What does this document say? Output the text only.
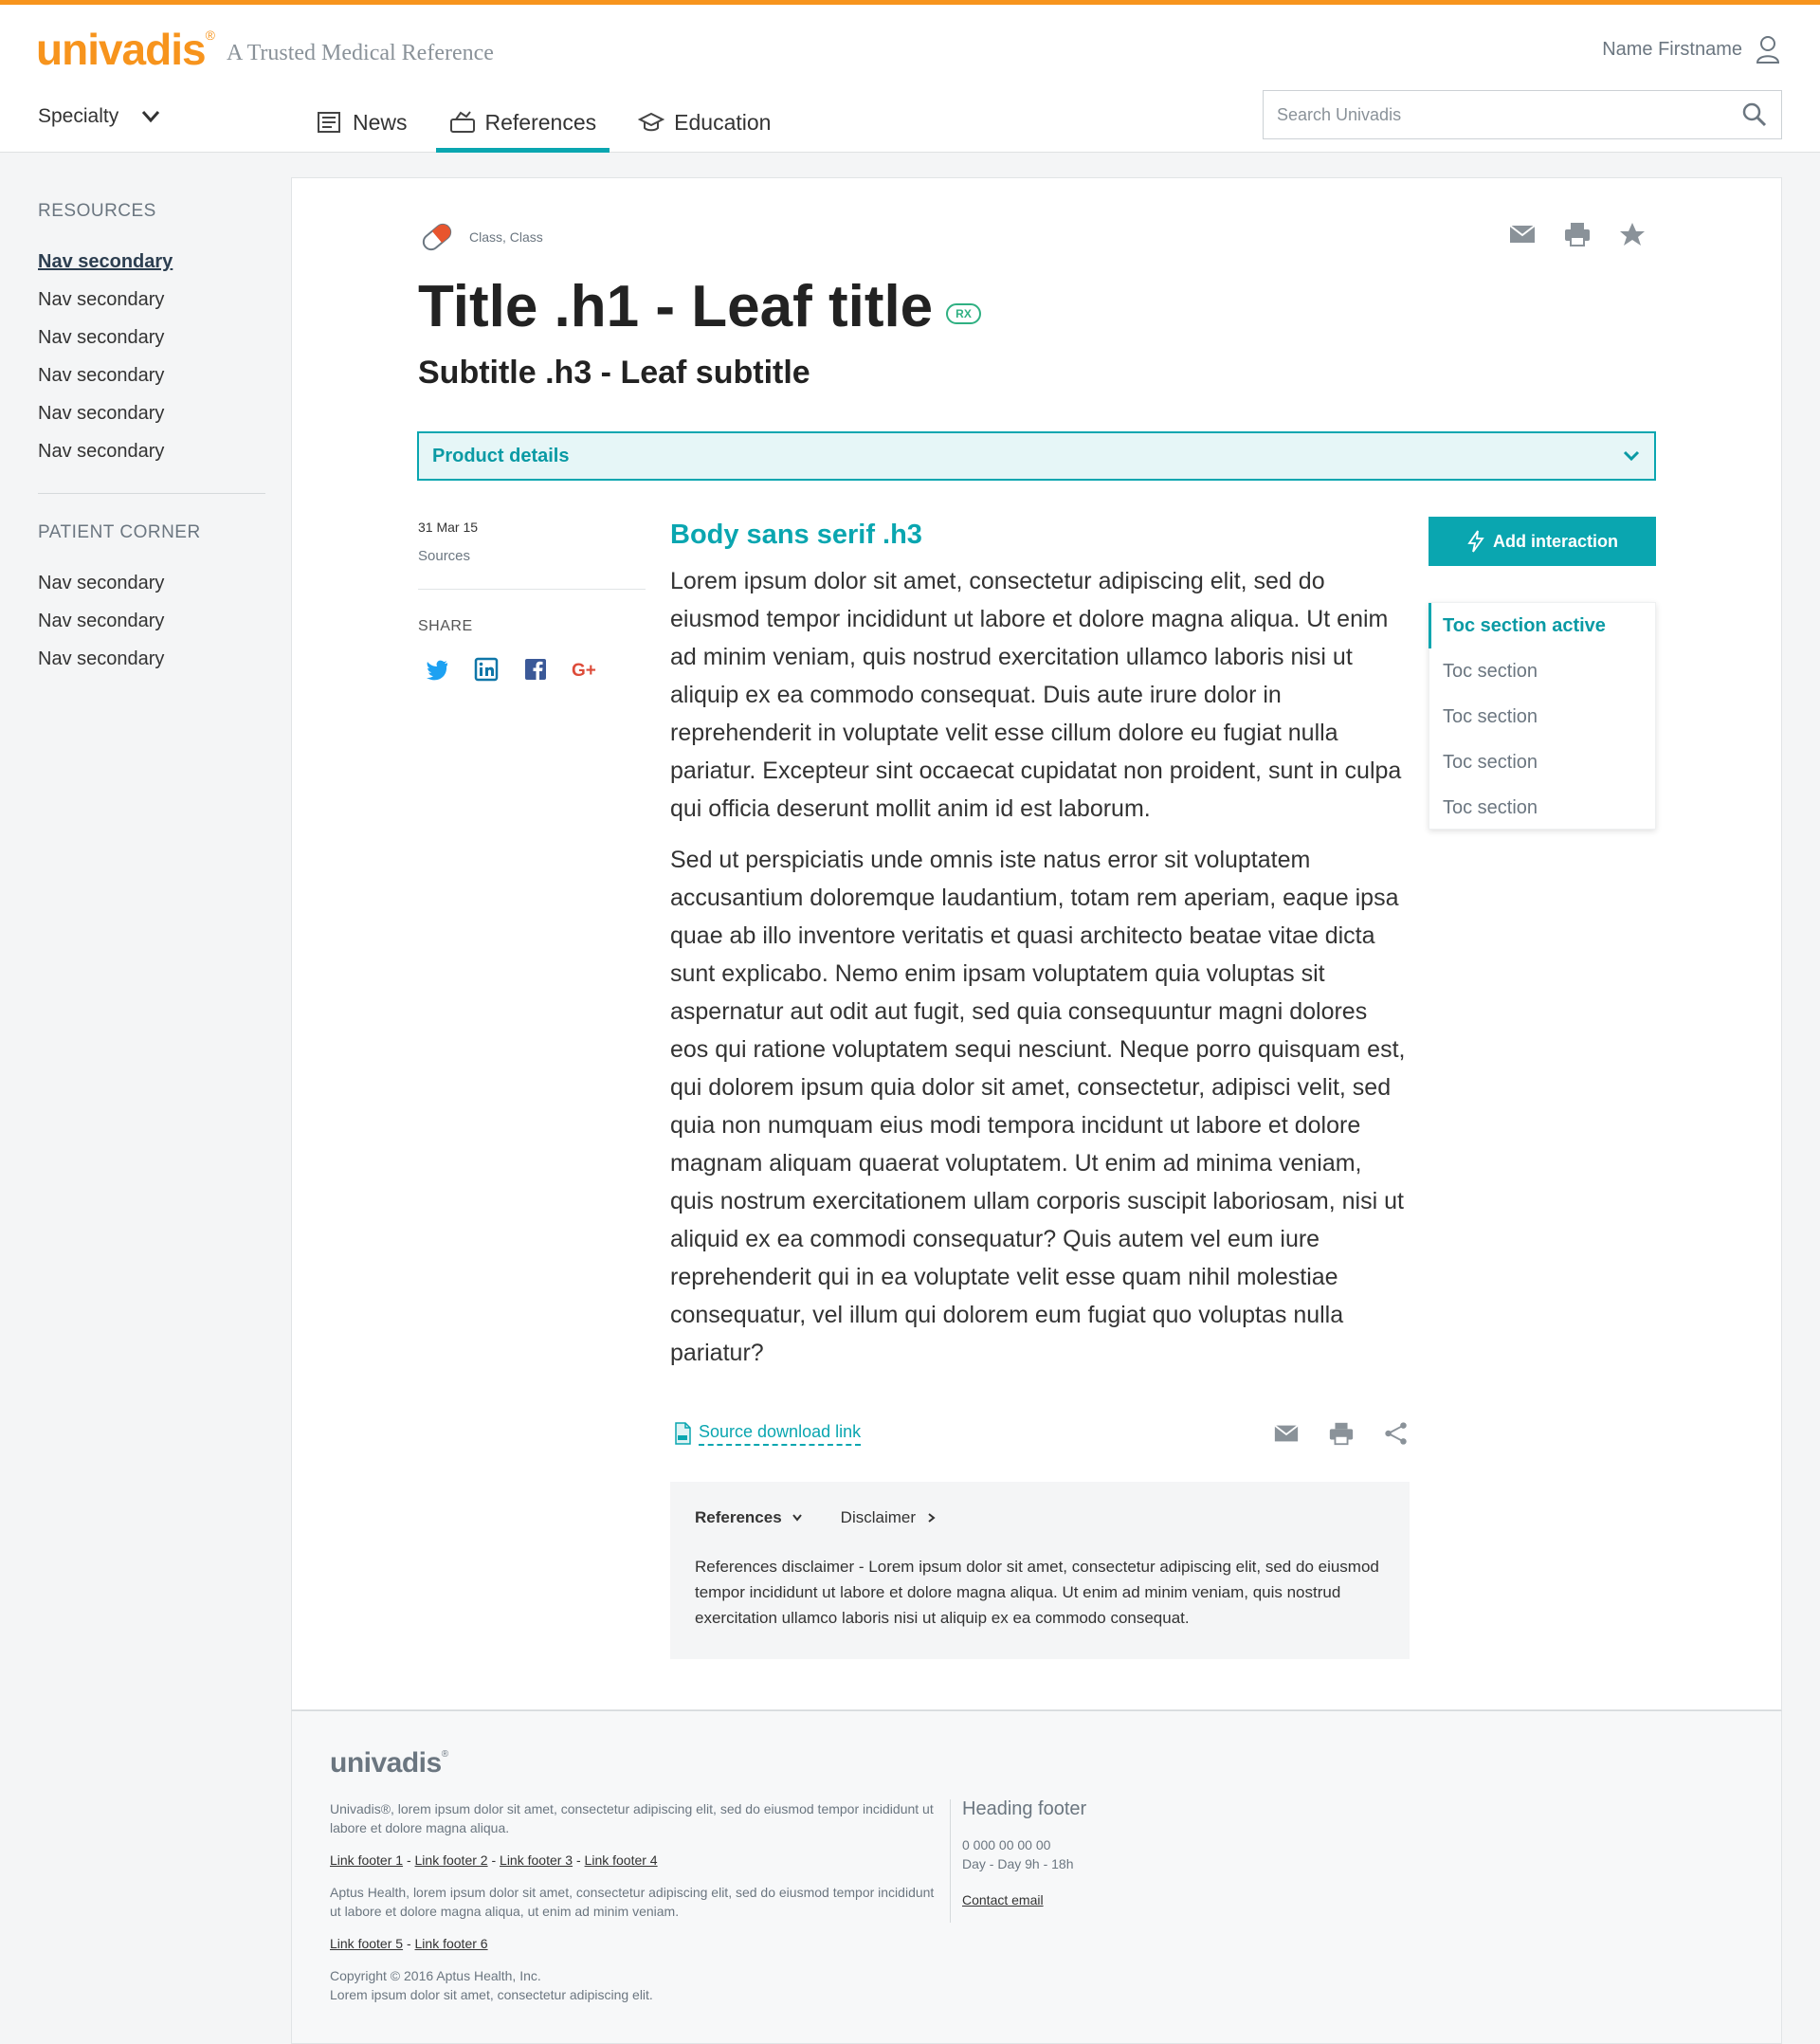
univadis®
A Trusted Medical Reference	Name Firstname
Specialty	News	References	Education
Search Univadis
RESOURCES
Nav secondary
Nav secondary
Nav secondary
Nav secondary
Nav secondary
Nav secondary
PATIENT CORNER
Nav secondary
Nav secondary
Nav secondary
Class, Class
Title .h1 - Leaf title	RX
Subtitle .h3 - Leaf subtitle
Product details
31 Mar 15
Sources
SHARE
G+
Body sans serif .h3

Lorem ipsum dolor sit amet, consectetur adipiscing elit, sed do eiusmod tempor incididunt ut labore et dolore magna aliqua. Ut enim ad minim veniam, quis nostrud exercitation ullamco laboris nisi ut aliquip ex ea commodo consequat. Duis aute irure dolor in reprehenderit in voluptate velit esse cillum dolore eu fugiat nulla pariatur. Excepteur sint occaecat cupidatat non proident, sunt in culpa qui officia deserunt mollit anim id est laborum.

Sed ut perspiciatis unde omnis iste natus error sit voluptatem accusantium doloremque laudantium, totam rem aperiam, eaque ipsa quae ab illo inventore veritatis et quasi architecto beatae vitae dicta sunt explicabo. Nemo enim ipsam voluptatem quia voluptas sit aspernatur aut odit aut fugit, sed quia consequuntur magni dolores eos qui ratione voluptatem sequi nesciunt. Neque porro quisquam est, qui dolorem ipsum quia dolor sit amet, consectetur, adipisci velit, sed quia non numquam eius modi tempora incidunt ut labore et dolore magnam aliquam quaerat voluptatem. Ut enim ad minima veniam, quis nostrum exercitationem ullam corporis suscipit laboriosam, nisi ut aliquid ex ea commodi consequatur? Quis autem vel eum iure reprehenderit qui in ea voluptate velit esse quam nihil molestiae consequatur, vel illum qui dolorem eum fugiat quo voluptas nulla pariatur?

Add interaction
Toc section active
Toc section
Toc section
Toc section
Toc section
Source download link
References	Disclaimer
References disclaimer - Lorem ipsum dolor sit amet, consectetur adipiscing elit, sed do eiusmod tempor incididunt ut labore et dolore magna aliqua. Ut enim ad minim veniam, quis nostrud exercitation ullamco laboris nisi ut aliquip ex ea commodo consequat.
univadis®
Univadis®, lorem ipsum dolor sit amet, consectetur adipiscing elit, sed do eiusmod tempor incididunt ut labore et dolore magna aliqua.
Link footer 1 - Link footer 2 - Link footer 3 - Link footer 4
Aptus Health, lorem ipsum dolor sit amet, consectetur adipiscing elit, sed do eiusmod tempor incididunt ut labore et dolore magna aliqua, ut enim ad minim veniam.
Link footer 5 - Link footer 6
Copyright © 2016 Aptus Health, Inc.
Lorem ipsum dolor sit amet, consectetur adipiscing elit.
Heading footer
0 000 00 00 00
Day - Day 9h - 18h
Contact email
